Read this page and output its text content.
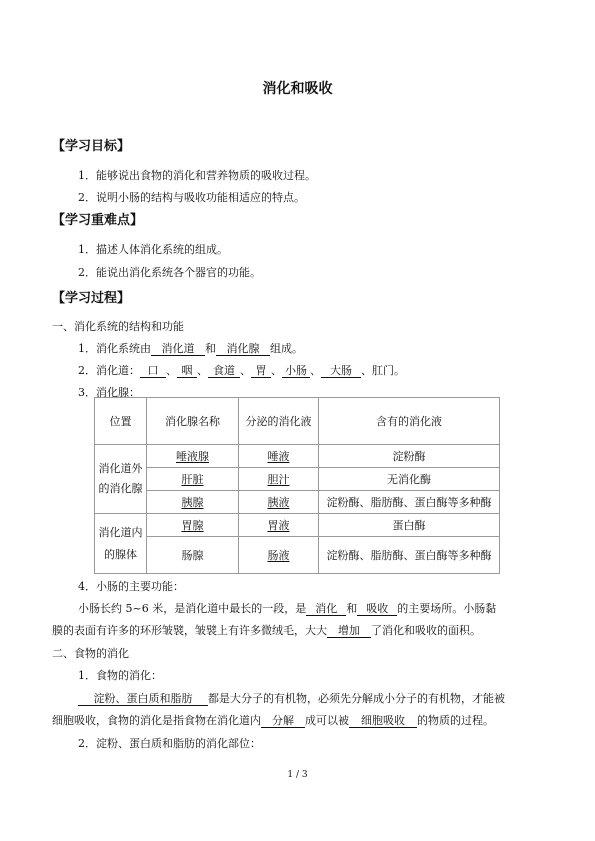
消化和吸收
【学习目标】
1．能够说出食物的消化和营养物质的吸收过程。
2．说明小肠的结构与吸收功能相适应的特点。
【学习重难点】
1．描述人体消化系统的组成。
2．能说出消化系统各个器官的功能。
【学习过程】
一、消化系统的结构和功能
1．消化系统由 消化道 和 消化腺 组成。
2．消化道： 口 、 咽 、 食道 、 胃 、 小肠 、 大肠 、肛门。
3．消化腺：
位置	消化腺名称	分泌的消化液	含有的消化液
消化道外的消化腺	唾液腺	唾液	淀粉酶
	肝脏	胆汁	无消化酶
	胰腺	胰液	淀粉酶、脂肪酶、蛋白酶等多种酶
消化道内的腺体	胃腺	胃液	蛋白酶
	肠腺	肠液	淀粉酶、脂肪酶、蛋白酶等多种酶
4．小肠的主要功能：
小肠长约 5~6 米，是消化道中最长的一段，是 消化 和 吸收 的主要场所。小肠黏
膜的表面有许多的环形皱襞，皱襞上有许多微绒毛，大大 增加 了消化和吸收的面积。
二、食物的消化
1．食物的消化：
淀粉、蛋白质和脂肪 都是大分子的有机物，必须先分解成小分子的有机物，才能被
细胞吸收，食物的消化是指食物在消化道内 分解 成可以被 细胞吸收 的物质的过程。
2．淀粉、蛋白质和脂肪的消化部位：
1 / 3
